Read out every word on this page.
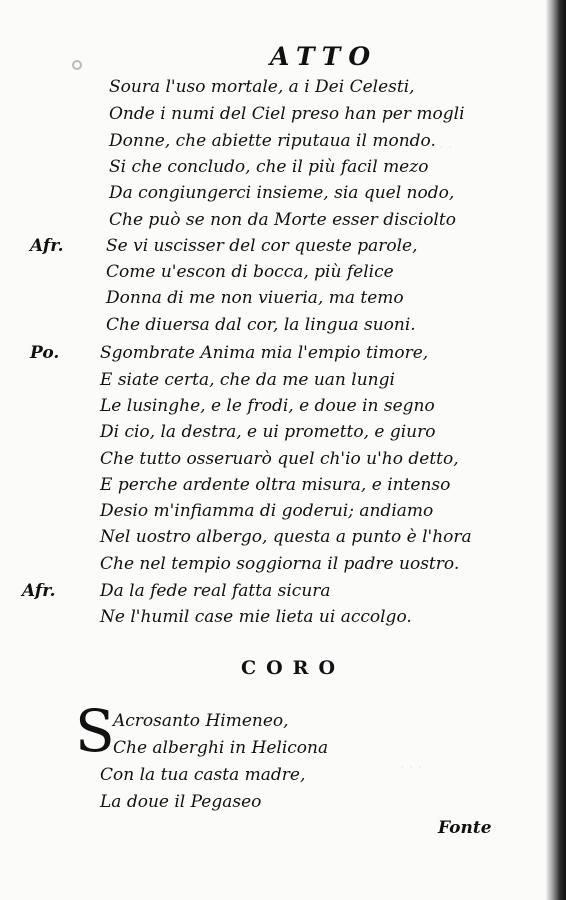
· · ·
· · ·
ATTO
Soura l'uso mortale, a i Dei Celesti,
Onde i numi del Ciel preso han per mogli
Donne, che abiette riputaua il mondo.
Si che concludo, che il più facil mezo
Da congiungerci insieme, sia quel nodo,
Che può se non da Morte esser disciolto
Afr. Se vi uscisser del cor queste parole,
Come u'escon di bocca, più felice
Donna di me non viueria, ma temo
Che diuersa dal cor, la lingua suoni.
Po. Sgombrate Anima mia l'empio timore,
E siate certa, che da me uan lungi
Le lusinghe, e le frodi, e doue in segno
Di cio, la destra, e ui prometto, e giuro
Che tutto osseruarò quel ch'io u'ho detto,
E perche ardente oltra misura, e intenso
Desio m'infiamma di goderui; andiamo
Nel uostro albergo, questa a punto è l'hora
Che nel tempio soggiorna il padre uostro.
Afr.	Da la fede real fatta sicura
Ne l'humil case mie lieta ui accolgo.
CORO
S
Acrosanto Himeneo,
Che alberghi in Helicona
Con la tua casta madre,
La doue il Pegaseo
Fonte
